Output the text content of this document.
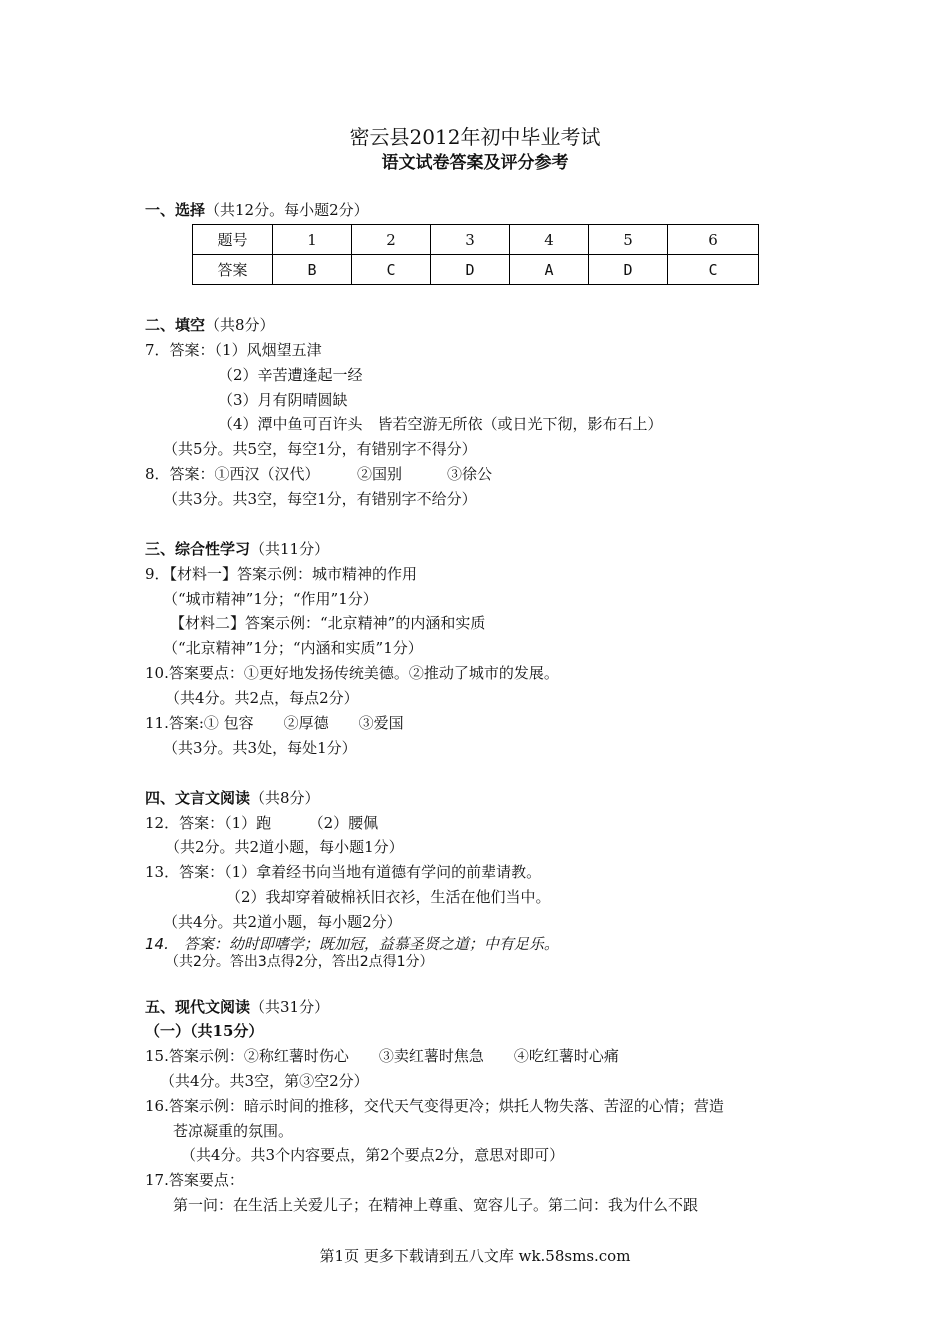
密云县2012年初中毕业考试
语文试卷答案及评分参考
一、选择（共12分。每小题2分）
题号	1	2	3	4	5	6
答案	B	C	D	A	D	C
二、填空（共8分）
7．答案：（1）风烟望五津
（2）辛苦遭逢起一经
（3）月有阴晴圆缺
（4）潭中鱼可百许头　皆若空游无所依（或日光下彻，影布石上）
（共5分。共5空，每空1分，有错别字不得分）
8．答案：①西汉（汉代）　　　②国别　　　③徐公
（共3分。共3空，每空1分，有错别字不给分）
三、综合性学习（共11分）
9．【材料一】答案示例：城市精神的作用
（“城市精神”1分；“作用”1分）
【材料二】答案示例：“北京精神”的内涵和实质
（“北京精神”1分；“内涵和实质”1分）
10.答案要点：①更好地发扬传统美德。②推动了城市的发展。
（共4分。共2点，每点2分）
11.答案:① 包容　　②厚德　　③爱国
（共3分。共3处，每处1分）
四、文言文阅读（共8分）
12．答案：（1）跑　　　（2）腰佩
（共2分。共2道小题，每小题1分）
13．答案：（1）拿着经书向当地有道德有学问的前辈请教。
（2）我却穿着破棉袄旧衣衫，生活在他们当中。
（共4分。共2道小题，每小题2分）
14.　答案：幼时即嗜学；既加冠，益慕圣贤之道；中有足乐。
（共2分。答出3点得2分，答出2点得1分）
五、现代文阅读（共31分）
（一）（共15分）
15.答案示例：②称红薯时伤心　　③卖红薯时焦急　　④吃红薯时心痛
（共4分。共3空，第③空2分）
16.答案示例：暗示时间的推移，交代天气变得更冷；烘托人物失落、苦涩的心情；营造
苍凉凝重的氛围。
（共4分。共3个内容要点，第2个要点2分，意思对即可）
17.答案要点：
第一问：在生活上关爱儿子；在精神上尊重、宽容儿子。第二问：我为什么不跟
第1页 更多下载请到五八文库 wk.58sms.com
